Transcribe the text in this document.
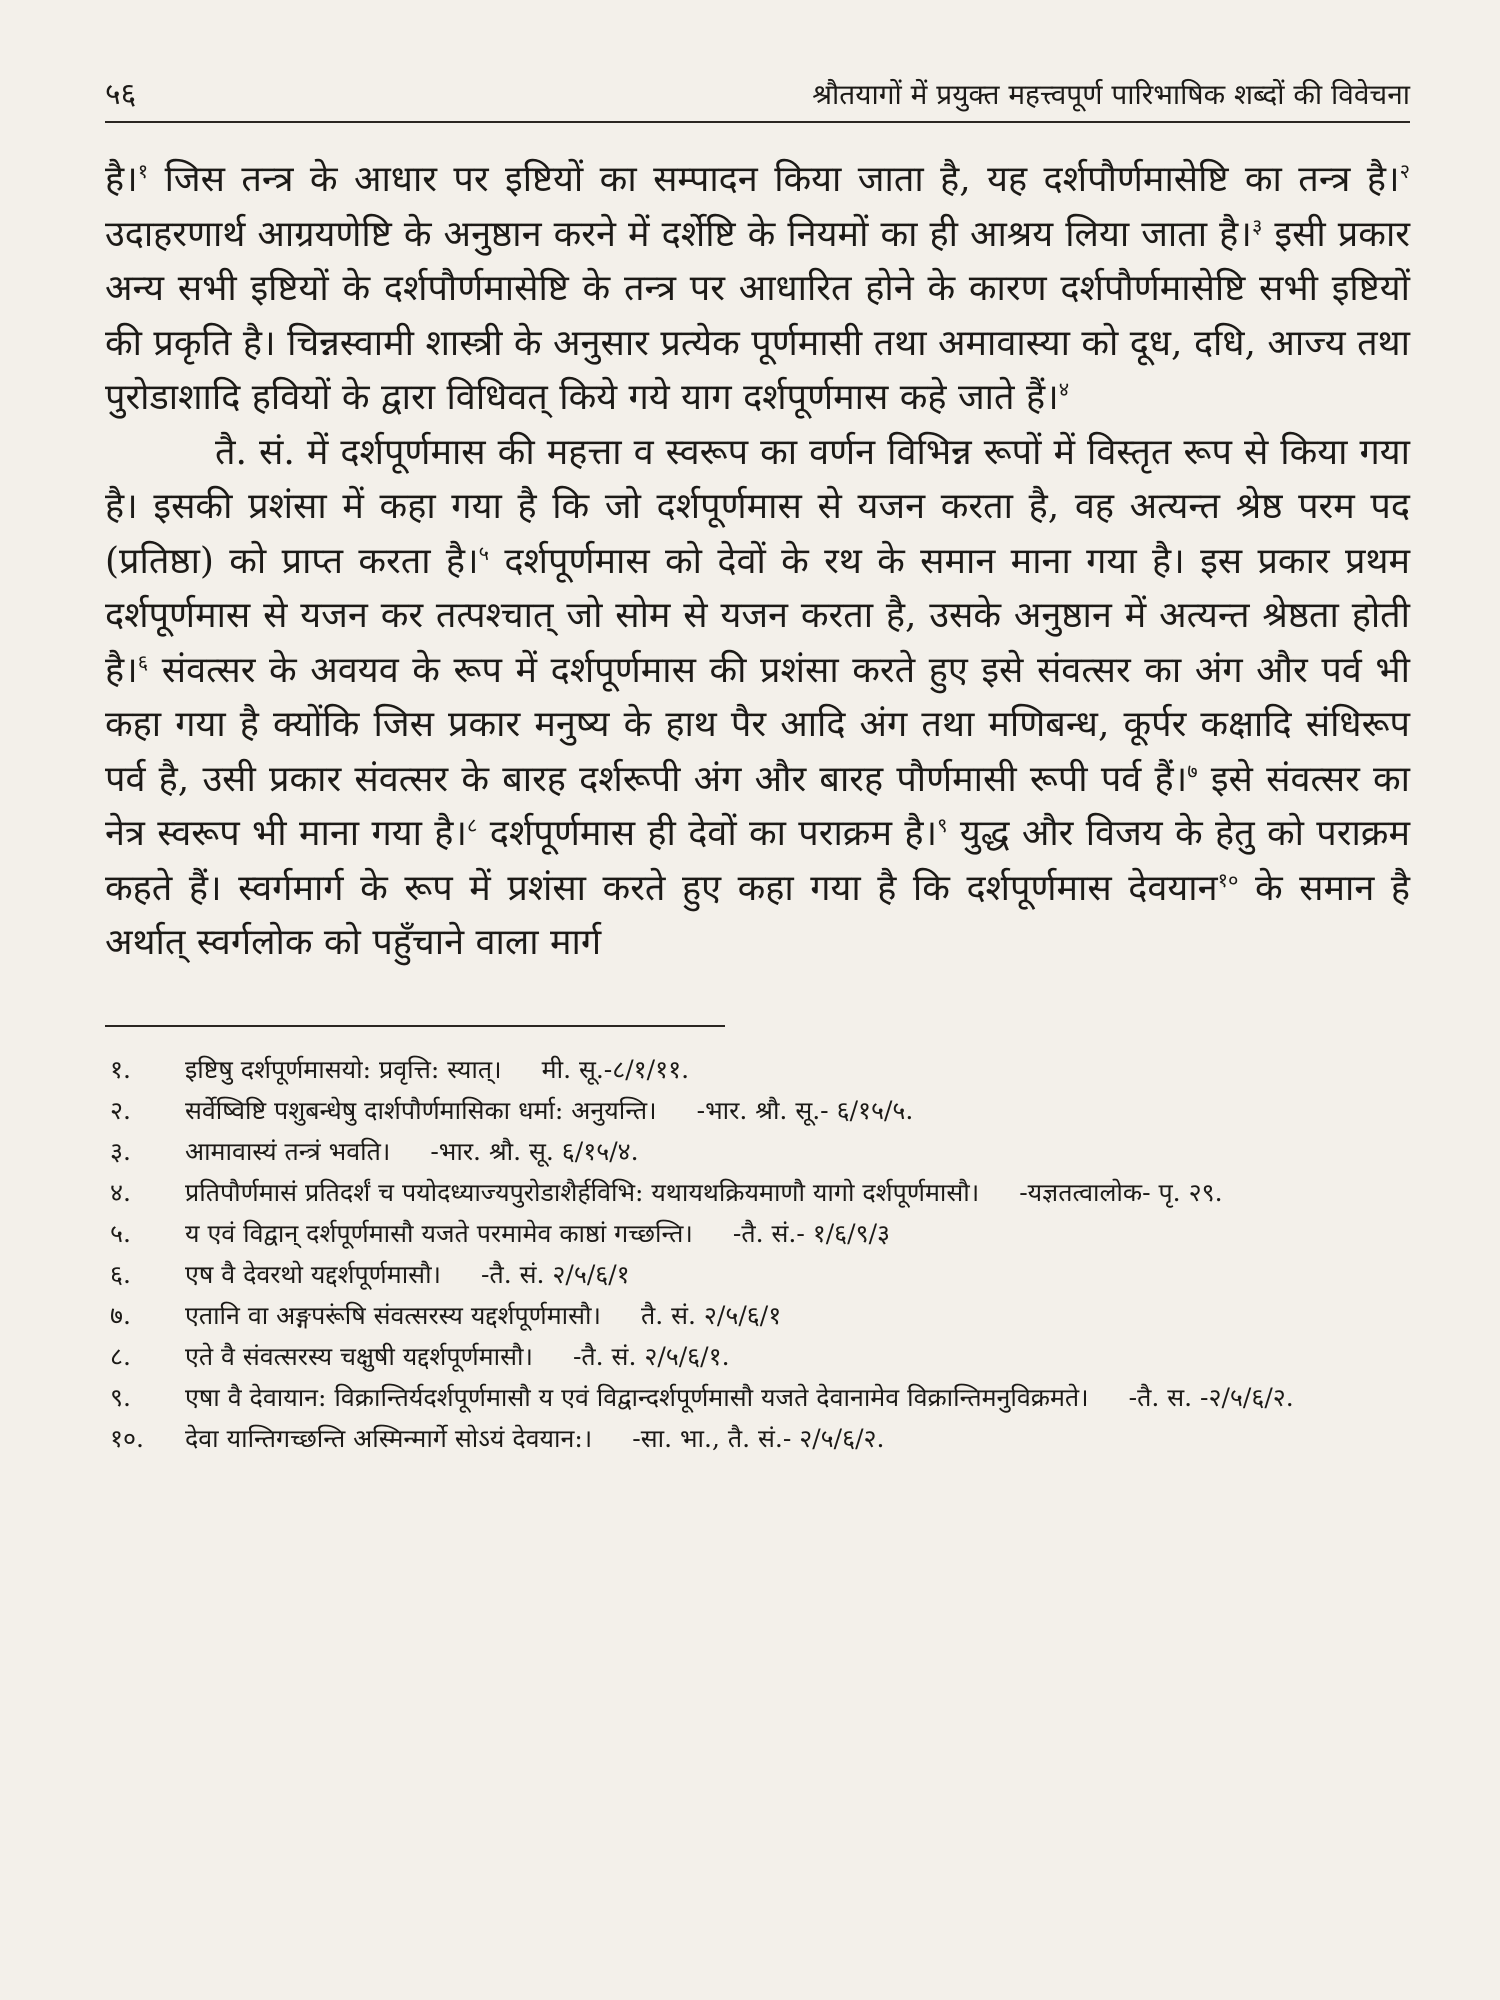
५६	श्रौतयागों में प्रयुक्त महत्त्वपूर्ण पारिभाषिक शब्दों की विवेचना

है।$^१$ जिस तन्त्र के आधार पर इष्टियों का सम्पादन किया जाता है, यह दर्शपौर्णमासेष्टि का तन्त्र है।$^२$ उदाहरणार्थ आग्रयणेष्टि के अनुष्ठान करने में दर्शेष्टि के नियमों का ही आश्रय लिया जाता है।$^३$ इसी प्रकार अन्य सभी इष्टियों के दर्शपौर्णमासेष्टि के तन्त्र पर आधारित होने के कारण दर्शपौर्णमासेष्टि सभी इष्टियों की प्रकृति है। चिन्नस्वामी शास्त्री के अनुसार प्रत्येक पूर्णमासी तथा अमावास्या को दूध, दधि, आज्य तथा पुरोडाशादि हवियों के द्वारा विधिवत् किये गये याग दर्शपूर्णमास कहे जाते हैं।$^४$

तै. सं. में दर्शपूर्णमास की महत्ता व स्वरूप का वर्णन विभिन्न रूपों में विस्तृत रूप से किया गया है। इसकी प्रशंसा में कहा गया है कि जो दर्शपूर्णमास से यजन करता है, वह अत्यन्त श्रेष्ठ परम पद (प्रतिष्ठा) को प्राप्त करता है।$^५$ दर्शपूर्णमास को देवों के रथ के समान माना गया है। इस प्रकार प्रथम दर्शपूर्णमास से यजन कर तत्पश्चात् जो सोम से यजन करता है, उसके अनुष्ठान में अत्यन्त श्रेष्ठता होती है।$^६$ संवत्सर के अवयव के रूप में दर्शपूर्णमास की प्रशंसा करते हुए इसे संवत्सर का अंग और पर्व भी कहा गया है क्योंकि जिस प्रकार मनुष्य के हाथ पैर आदि अंग तथा मणिबन्ध, कूर्पर कक्षादि संधिरूप पर्व है, उसी प्रकार संवत्सर के बारह दर्शरूपी अंग और बारह पौर्णमासी रूपी पर्व हैं।$^७$ इसे संवत्सर का नेत्र स्वरूप भी माना गया है।$^८$ दर्शपूर्णमास ही देवों का पराक्रम है।$^९$ युद्ध और विजय के हेतु को पराक्रम कहते हैं। स्वर्गमार्ग के रूप में प्रशंसा करते हुए कहा गया है कि दर्शपूर्णमास देवयान$^{१०}$ के समान है अर्थात् स्वर्गलोक को पहुँचाने वाला मार्ग

१.	इष्टिषु दर्शपूर्णमासयो: प्रवृत्ति: स्यात्। मी. सू.-८/१/११.
२.	सर्वेष्विष्टि पशुबन्धेषु दार्शपौर्णमासिका धर्मा: अनुयन्ति। -भार. श्रौ. सू.- ६/१५/५.
३.	आमावास्यं तन्त्रं भवति। -भार. श्रौ. सू. ६/१५/४.
४.	प्रतिपौर्णमासं प्रतिदर्शं च पयोदध्याज्यपुरोडाशैर्हविभि: यथायथक्रियमाणौ यागो दर्शपूर्णमासौ। -यज्ञतत्वालोक- पृ. २९.
५.	य एवं विद्वान् दर्शपूर्णमासौ यजते परमामेव काष्ठां गच्छन्ति। -तै. सं.- १/६/९/३
६.	एष वै देवरथो यद्दर्शपूर्णमासौ। -तै. सं. २/५/६/१
७.	एतानि वा अङ्गपरूंषि संवत्सरस्य यद्दर्शपूर्णमासौ। तै. सं. २/५/६/१
८.	एते वै संवत्सरस्य चक्षुषी यद्दर्शपूर्णमासौ। -तै. सं. २/५/६/१.
९.	एषा वै देवायान: विक्रान्तिर्यदर्शपूर्णमासौ य एवं विद्वान्दर्शपूर्णमासौ यजते देवानामेव विक्रान्तिमनुविक्रमते। -तै. स. -२/५/६/२.
१०.	देवा यान्तिगच्छन्ति अस्मिन्मार्गे सोऽयं देवयान:। -सा. भा., तै. सं.- २/५/६/२.
